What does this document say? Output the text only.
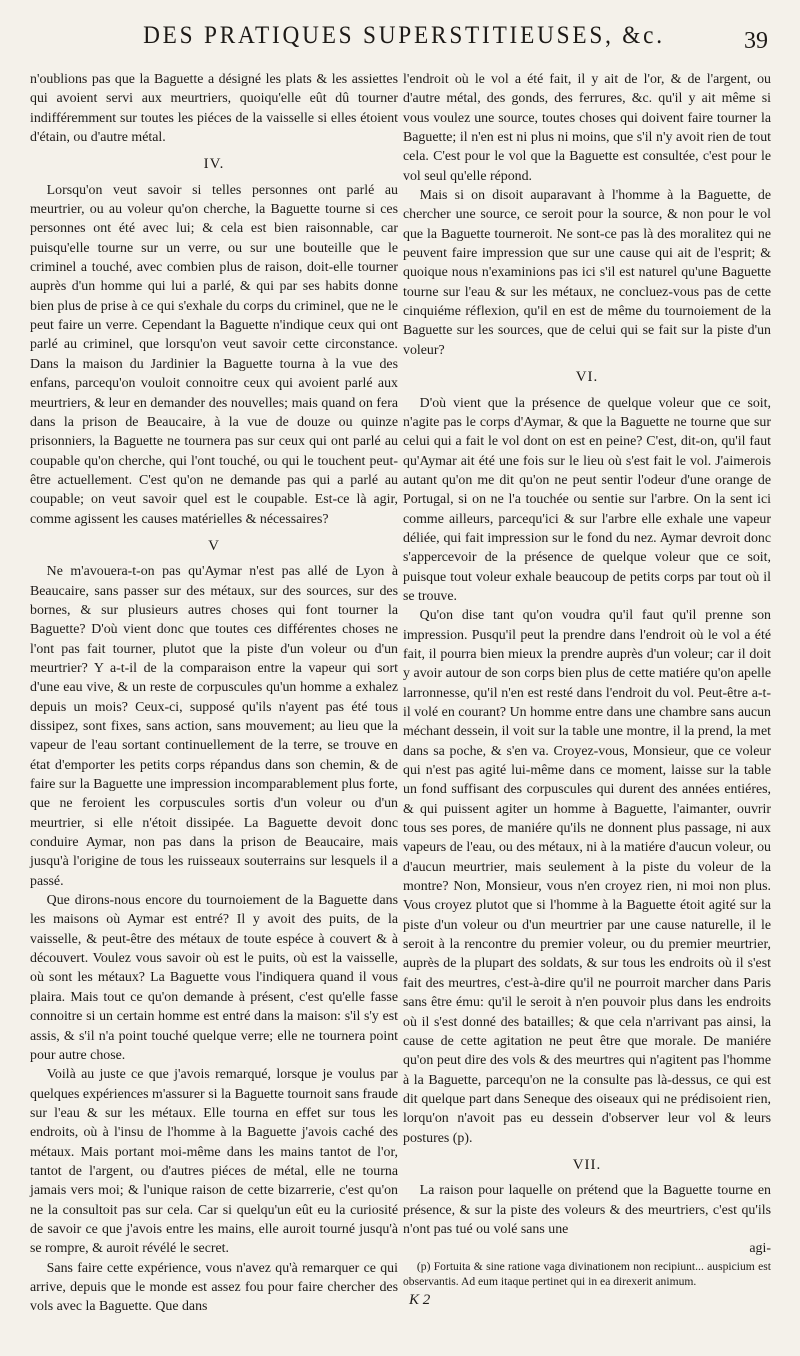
DES PRATIQUES SUPERSTITIEUSES, &c.	39

n'oublions pas que la Baguette a désigné les plats & les assiettes qui avoient servi aux meurtriers, quoiqu'elle eût dû tourner indifféremment sur toutes les piéces de la vaisselle si elles étoient d'étain, ou d'autre métal.

IV.

Lorsqu'on veut savoir si telles personnes ont parlé au meurtrier, ou au voleur qu'on cherche, la Baguette tourne si ces personnes ont été avec lui; & cela est bien raisonnable, car puisqu'elle tourne sur un verre, ou sur une bouteille que le criminel a touché, avec combien plus de raison, doit-elle tourner auprès d'un homme qui lui a parlé, & qui par ses habits donne bien plus de prise à ce qui s'exhale du corps du criminel, que ne le peut faire un verre. Cependant la Baguette n'indique ceux qui ont parlé au criminel, que lorsqu'on veut savoir cette circonstance. Dans la maison du Jardinier la Baguette tourna à la vue des enfans, parcequ'on vouloit connoitre ceux qui avoient parlé aux meurtriers, & leur en demander des nouvelles; mais quand on fera dans la prison de Beaucaire, à la vue de douze ou quinze prisonniers, la Baguette ne tournera pas sur ceux qui ont parlé au coupable qu'on cherche, qui l'ont touché, ou qui le touchent peut-être actuellement. C'est qu'on ne demande pas qui a parlé au coupable; on veut savoir quel est le coupable. Est-ce là agir, comme agissent les causes matérielles & nécessaires?

V

Ne m'avouera-t-on pas qu'Aymar n'est pas allé de Lyon à Beaucaire, sans passer sur des métaux, sur des sources, sur des bornes, & sur plusieurs autres choses qui font tourner la Baguette? D'où vient donc que toutes ces différentes choses ne l'ont pas fait tourner, plutot que la piste d'un voleur ou d'un meurtrier? Y a-t-il de la comparaison entre la vapeur qui sort d'une eau vive, & un reste de corpuscules qu'un homme a exhalez depuis un mois? Ceux-ci, supposé qu'ils n'ayent pas été tous dissipez, sont fixes, sans action, sans mouvement; au lieu que la vapeur de l'eau sortant continuellement de la terre, se trouve en état d'emporter les petits corps répandus dans son chemin, & de faire sur la Baguette une impression incomparablement plus forte, que ne feroient les corpuscules sortis d'un voleur ou d'un meurtrier, si elle n'étoit dissipée. La Baguette devoit donc conduire Aymar, non pas dans la prison de Beaucaire, mais jusqu'à l'origine de tous les ruisseaux souterrains sur lesquels il a passé.

Que dirons-nous encore du tournoiement de la Baguette dans les maisons où Aymar est entré? Il y avoit des puits, de la vaisselle, & peut-être des métaux de toute espéce à couvert & à découvert. Voulez vous savoir où est le puits, où est la vaisselle, où sont les métaux? La Baguette vous l'indiquera quand il vous plaira. Mais tout ce qu'on demande à présent, c'est qu'elle fasse connoitre si un certain homme est entré dans la maison: s'il s'y est assis, & s'il n'a point touché quelque verre; elle ne tournera point pour autre chose.

Voilà au juste ce que j'avois remarqué, lorsque je voulus par quelques expériences m'assurer si la Baguette tournoit sans fraude sur l'eau & sur les métaux. Elle tourna en effet sur tous les endroits, où à l'insu de l'homme à la Baguette j'avois caché des métaux. Mais portant moi-même dans les mains tantot de l'or, tantot de l'argent, ou d'autres piéces de métal, elle ne tourna jamais vers moi; & l'unique raison de cette bizarrerie, c'est qu'on ne la consultoit pas sur cela. Car si quelqu'un eût eu la curiosité de savoir ce que j'avois entre les mains, elle auroit tourné jusqu'à se rompre, & auroit révélé le secret.

Sans faire cette expérience, vous n'avez qu'à remarquer ce qui arrive, depuis que le monde est assez fou pour faire chercher des vols avec la Baguette. Que dans

l'endroit où le vol a été fait, il y ait de l'or, & de l'argent, ou d'autre métal, des gonds, des ferrures, &c. qu'il y ait même si vous voulez une source, toutes choses qui doivent faire tourner la Baguette; il n'en est ni plus ni moins, que s'il n'y avoit rien de tout cela. C'est pour le vol que la Baguette est consultée, c'est pour le vol seul qu'elle répond.

Mais si on disoit auparavant à l'homme à la Baguette, de chercher une source, ce seroit pour la source, & non pour le vol que la Baguette tourneroit. Ne sont-ce pas là des moralitez qui ne peuvent faire impression que sur une cause qui ait de l'esprit; & quoique nous n'examinions pas ici s'il est naturel qu'une Baguette tourne sur l'eau & sur les métaux, ne concluez-vous pas de cette cinquiéme réflexion, qu'il en est de même du tournoiement de la Baguette sur les sources, que de celui qui se fait sur la piste d'un voleur?

VI.

D'où vient que la présence de quelque voleur que ce soit, n'agite pas le corps d'Aymar, & que la Baguette ne tourne que sur celui qui a fait le vol dont on est en peine? C'est, dit-on, qu'il faut qu'Aymar ait été une fois sur le lieu où s'est fait le vol. J'aimerois autant qu'on me dit qu'on ne peut sentir l'odeur d'une orange de Portugal, si on ne l'a touchée ou sentie sur l'arbre. On la sent ici comme ailleurs, parcequ'ici & sur l'arbre elle exhale une vapeur déliée, qui fait impression sur le fond du nez. Aymar devroit donc s'appercevoir de la présence de quelque voleur que ce soit, puisque tout voleur exhale beaucoup de petits corps par tout où il se trouve.

Qu'on dise tant qu'on voudra qu'il faut qu'il prenne son impression. Pusqu'il peut la prendre dans l'endroit où le vol a été fait, il pourra bien mieux la prendre auprès d'un voleur; car il doit y avoir autour de son corps bien plus de cette matiére qu'on apelle larronnesse, qu'il n'en est resté dans l'endroit du vol. Peut-être a-t-il volé en courant? Un homme entre dans une chambre sans aucun méchant dessein, il voit sur la table une montre, il la prend, la met dans sa poche, & s'en va. Croyez-vous, Monsieur, que ce voleur qui n'est pas agité lui-même dans ce moment, laisse sur la table un fond suffisant des corpuscules qui durent des années entiéres, & qui puissent agiter un homme à Baguette, l'aimanter, ouvrir tous ses pores, de maniére qu'ils ne donnent plus passage, ni aux vapeurs de l'eau, ou des métaux, ni à la matiére d'aucun voleur, ou d'aucun meurtrier, mais seulement à la piste du voleur de la montre? Non, Monsieur, vous n'en croyez rien, ni moi non plus. Vous croyez plutot que si l'homme à la Baguette étoit agité sur la piste d'un voleur ou d'un meurtrier par une cause naturelle, il le seroit à la rencontre du premier voleur, ou du premier meurtrier, auprès de la plupart des soldats, & sur tous les endroits où il s'est fait des meurtres, c'est-à-dire qu'il ne pourroit marcher dans Paris sans être ému: qu'il le seroit à n'en pouvoir plus dans les endroits où il s'est donné des batailles; & que cela n'arrivant pas ainsi, la cause de cette agitation ne peut être que morale. De maniére qu'on peut dire des vols & des meurtres qui n'agitent pas l'homme à la Baguette, parcequ'on ne la consulte pas là-dessus, ce qui est dit quelque part dans Seneque des oiseaux qui ne prédisoient rien, lorqu'on n'avoit pas eu dessein d'observer leur vol & leurs postures (p).

VII.

La raison pour laquelle on prétend que la Baguette tourne en présence, & sur la piste des voleurs & des meurtriers, c'est qu'ils n'ont pas tué ou volé sans une

agi-

(p) Fortuita & sine ratione vaga divinationem non recipiunt... auspicium est observantis. Ad eum itaque pertinet qui in ea direxerit animum.

K 2
